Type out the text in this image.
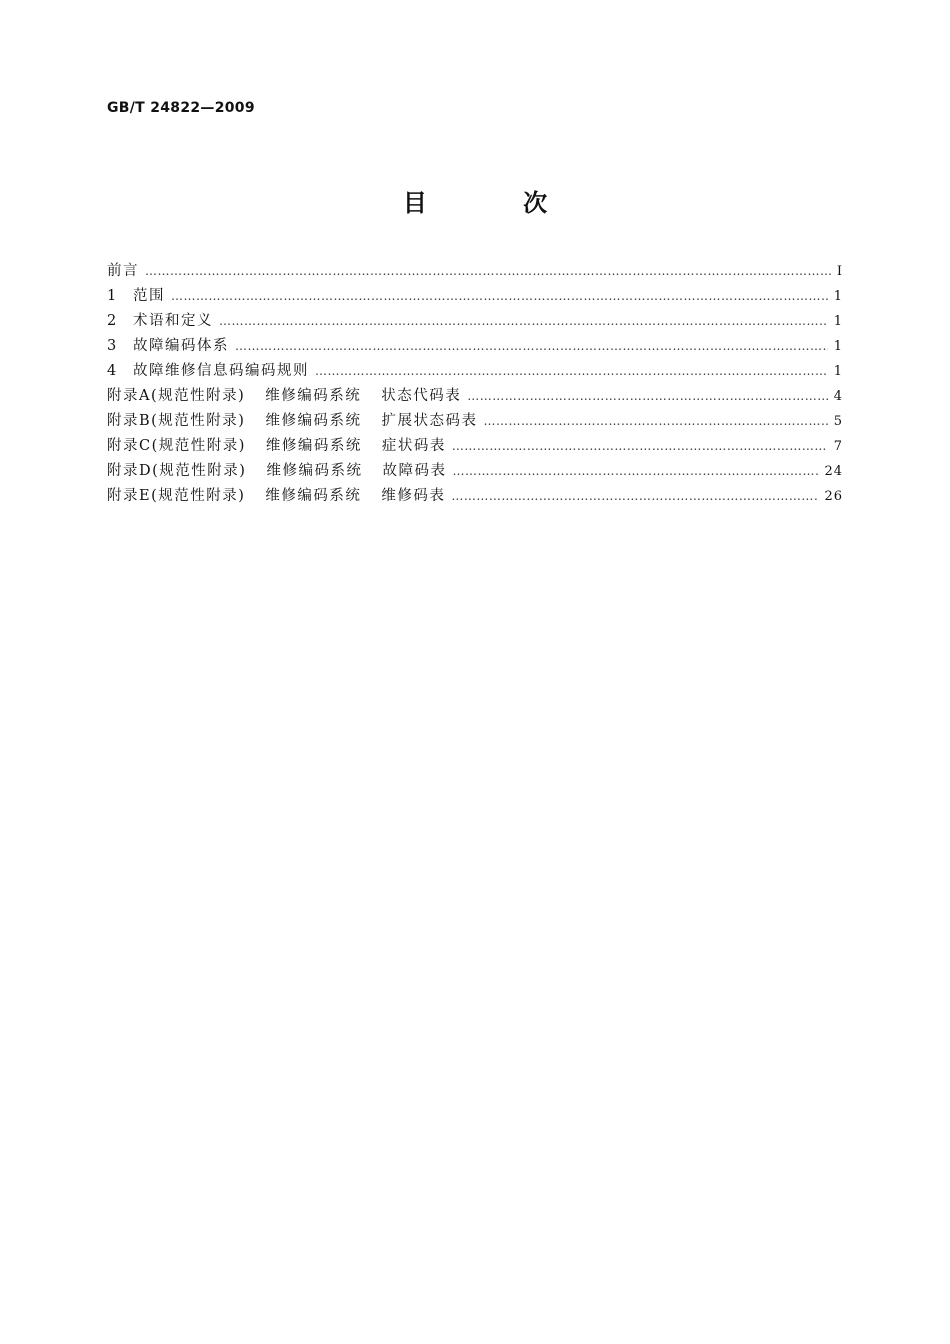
GB/T 24822—2009
目 次
前言 ………………………………………………………………………………………………………………………………………………………………………………………………………………………………………………………………………	Ⅰ
1 范围 ………………………………………………………………………………………………………………………………………………………………………………………………………………………………………………………………………	1
2 术语和定义 ………………………………………………………………………………………………………………………………………………………………………………………………………………………………………………………………………	1
3 故障编码体系 ………………………………………………………………………………………………………………………………………………………………………………………………………………………………………………………………………	1
4 故障维修信息码编码规则 ………………………………………………………………………………………………………………………………………………………………………………………………………………………………………………………………………	1
附录A(规范性附录) 维修编码系统 状态代码表 ………………………………………………………………………………………………………………………………………………………………………………………………………………………………………………………………………	4
附录B(规范性附录) 维修编码系统 扩展状态码表 ………………………………………………………………………………………………………………………………………………………………………………………………………………………………………………………………………	5
附录C(规范性附录) 维修编码系统 症状码表 ………………………………………………………………………………………………………………………………………………………………………………………………………………………………………………………………………	7
附录D(规范性附录) 维修编码系统 故障码表 ………………………………………………………………………………………………………………………………………………………………………………………………………………………………………………………………………	24
附录E(规范性附录) 维修编码系统 维修码表 ………………………………………………………………………………………………………………………………………………………………………………………………………………………………………………………………………	26
